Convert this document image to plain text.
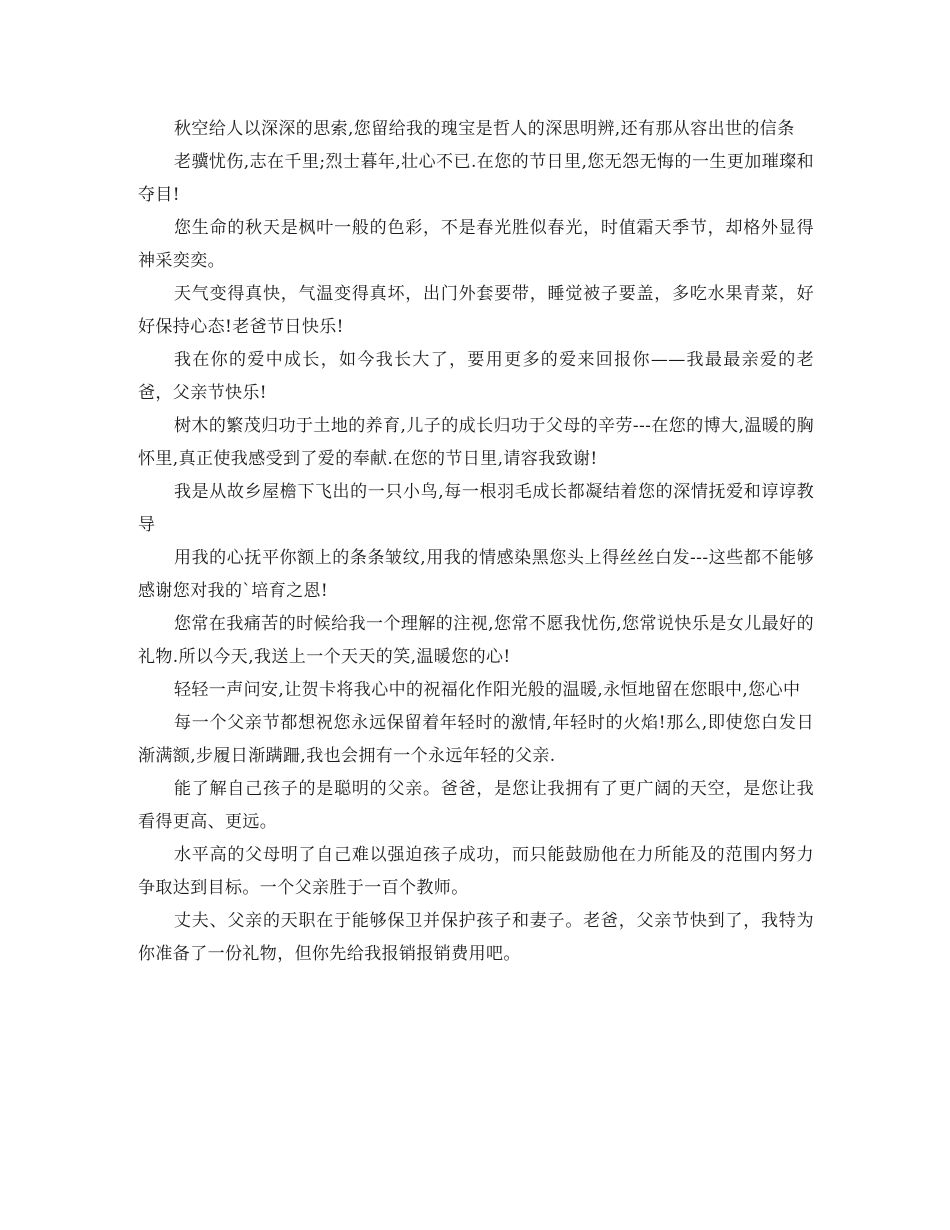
秋空给人以深深的思索,您留给我的瑰宝是哲人的深思明辨,还有那从容出世的信条

老骥忧伤,志在千里;烈士暮年,壮心不已.在您的节日里,您无怨无悔的一生更加璀璨和夺目!

您生命的秋天是枫叶一般的色彩，不是春光胜似春光，时值霜天季节，却格外显得神采奕奕。

天气变得真快，气温变得真坏，出门外套要带，睡觉被子要盖，多吃水果青菜，好好保持心态!老爸节日快乐!

我在你的爱中成长，如今我长大了，要用更多的爱来回报你——我最最亲爱的老爸，父亲节快乐!

树木的繁茂归功于土地的养育,儿子的成长归功于父母的辛劳---在您的博大,温暖的胸怀里,真正使我感受到了爱的奉献.在您的节日里,请容我致谢!

我是从故乡屋檐下飞出的一只小鸟,每一根羽毛成长都凝结着您的深情抚爱和谆谆教导

用我的心抚平你额上的条条皱纹,用我的情感染黑您头上得丝丝白发---这些都不能够感谢您对我的`培育之恩!

您常在我痛苦的时候给我一个理解的注视,您常不愿我忧伤,您常说快乐是女儿最好的礼物.所以今天,我送上一个天天的笑,温暖您的心!

轻轻一声问安,让贺卡将我心中的祝福化作阳光般的温暖,永恒地留在您眼中,您心中

每一个父亲节都想祝您永远保留着年轻时的激情,年轻时的火焰!那么,即使您白发日渐满额,步履日渐蹒跚,我也会拥有一个永远年轻的父亲.

能了解自己孩子的是聪明的父亲。爸爸，是您让我拥有了更广阔的天空，是您让我看得更高、更远。

水平高的父母明了自己难以强迫孩子成功，而只能鼓励他在力所能及的范围内努力争取达到目标。一个父亲胜于一百个教师。

丈夫、父亲的天职在于能够保卫并保护孩子和妻子。老爸，父亲节快到了，我特为你准备了一份礼物，但你先给我报销报销费用吧。
